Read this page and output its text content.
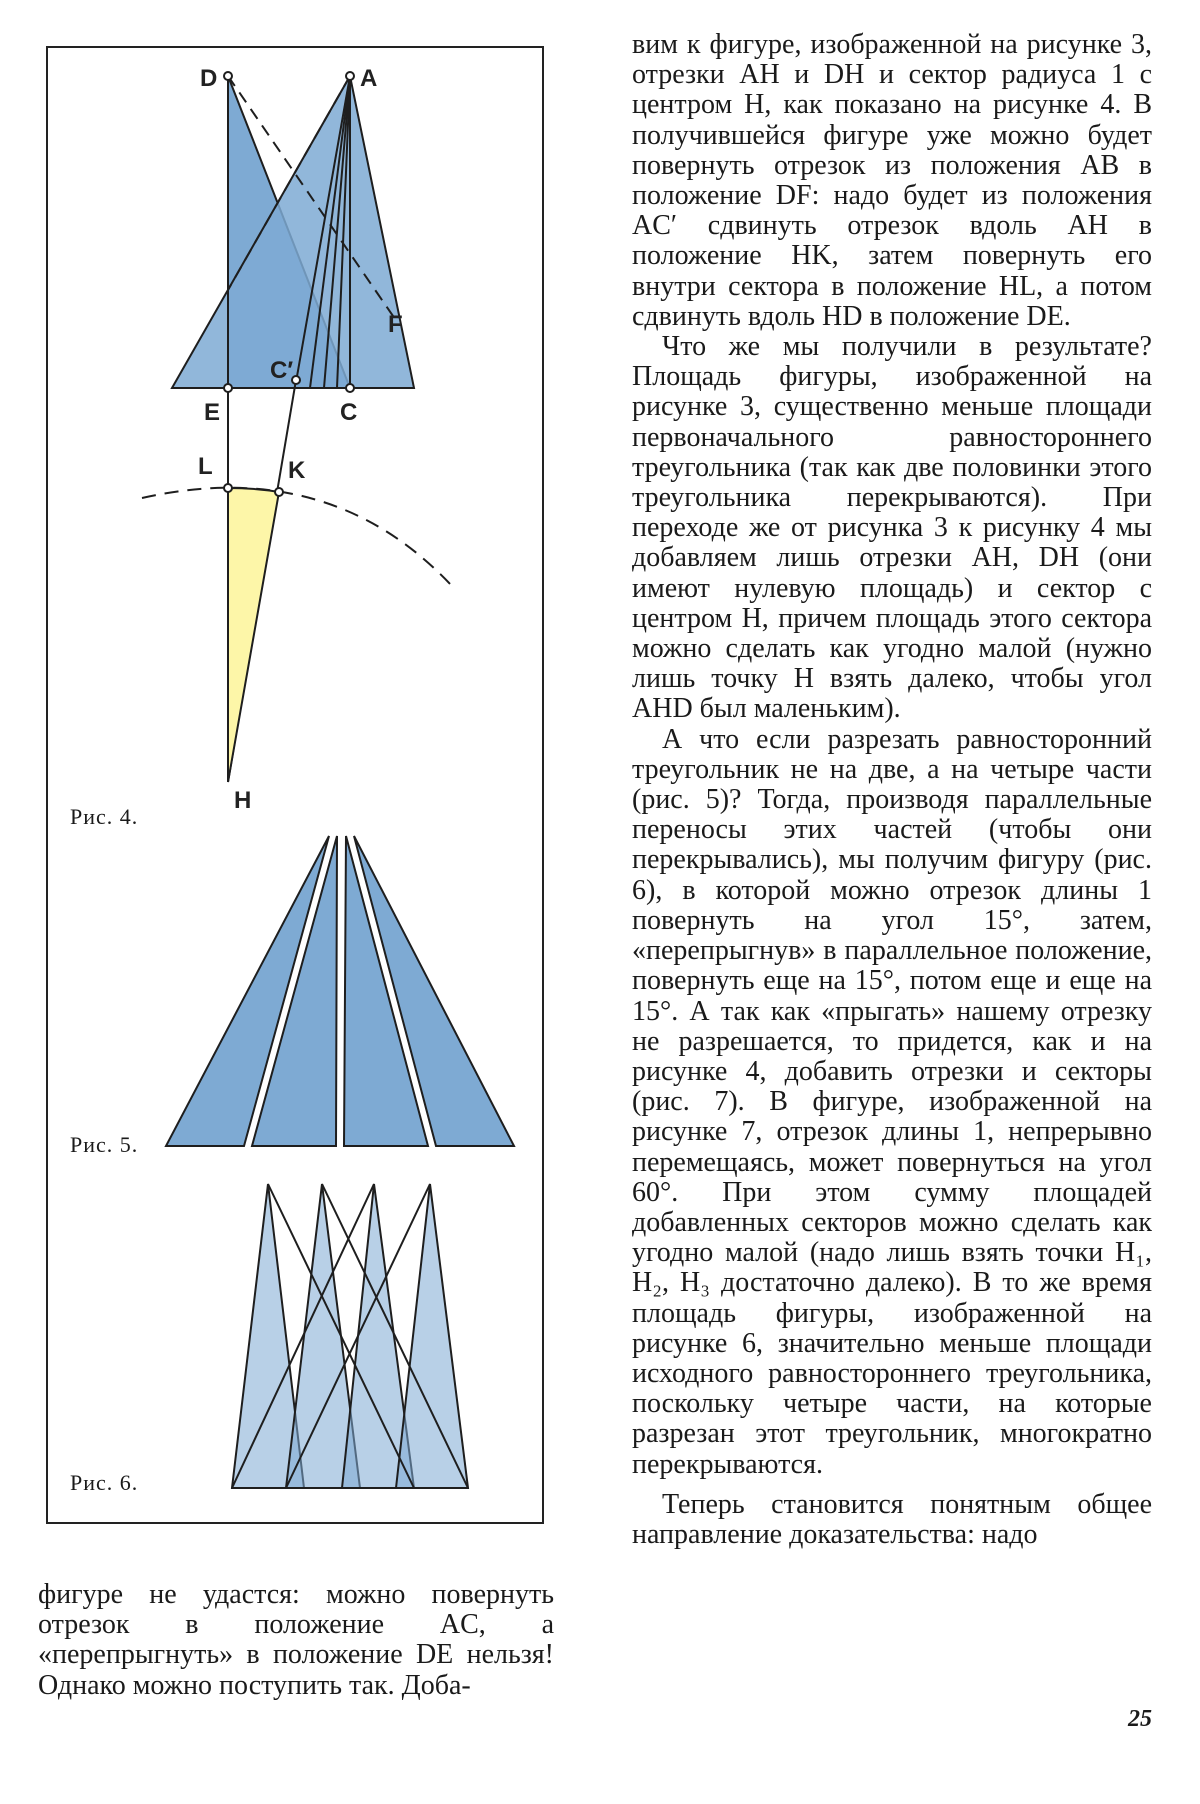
D	A
F
C′
C
E
L	K
H
Рис. 4.
Рис. 5.
Рис. 6.

вим к фигуре, изображенной на рисунке 3, отрезки AH и DH и сектор радиуса 1 с центром H, как показано на рисунке 4. В получившейся фигуре уже можно будет повернуть отрезок из положения AB в положение DF: надо будет из положения AC′ сдвинуть отрезок вдоль AH в положение HK, затем повернуть его внутри сектора в положение HL, а потом сдвинуть вдоль HD в положение DE.

Что же мы получили в результате? Площадь фигуры, изображенной на рисунке 3, существенно меньше площади первоначального равностороннего треугольника (так как две половинки этого треугольника перекрываются). При переходе же от рисунка 3 к рисунку 4 мы добавляем лишь отрезки AH, DH (они имеют нулевую площадь) и сектор с центром H, причем площадь этого сектора можно сделать как угодно малой (нужно лишь точку H взять далеко, чтобы угол AHD был маленьким).

А что если разрезать равносторонний треугольник не на две, а на четыре части (рис. 5)? Тогда, производя параллельные переносы этих частей (чтобы они перекрывались), мы получим фигуру (рис. 6), в которой можно отрезок длины 1 повернуть на угол 15°, затем, «перепрыгнув» в параллельное положение, повернуть еще на 15°, потом еще и еще на 15°. А так как «прыгать» нашему отрезку не разрешается, то придется, как и на рисунке 4, добавить отрезки и секторы (рис. 7). В фигуре, изображенной на рисунке 7, отрезок длины 1, непрерывно перемещаясь, может повернуться на угол 60°. При этом сумму площадей добавленных секторов можно сделать как угодно малой (надо лишь взять точки H₁, H₂, H₃ достаточно далеко). В то же время площадь фигуры, изображенной на рисунке 6, значительно меньше площади исходного равностороннего треугольника, поскольку четыре части, на которые разрезан этот треугольник, многократно перекрываются.

Теперь становится понятным общее направление доказательства: надо

фигуре не удастся: можно повернуть отрезок в положение AC, а «перепрыгнуть» в положение DE нельзя! Однако можно поступить так. Доба-

25
